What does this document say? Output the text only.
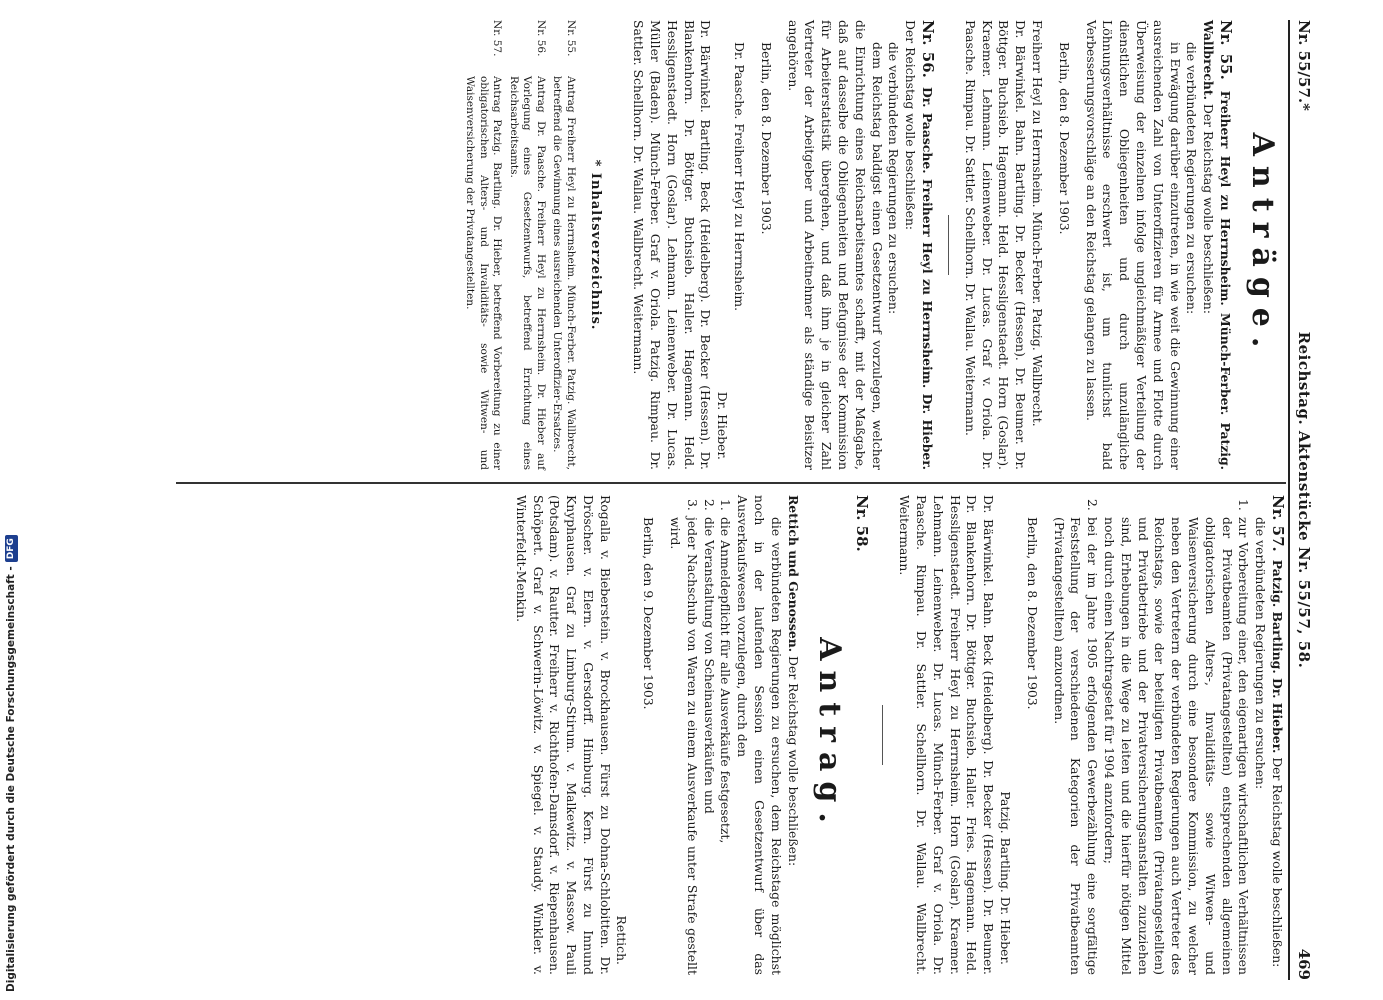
Nr. 55/57.*
Reichstag. Aktenstücke Nr. 55/57, 58.
469
Anträge.

Nr. 55. Freiherr Heyl zu Herrnsheim. Münch-Ferber. Patzig. Wallbrecht. Der Reichstag wolle beschließen:

die verbündeten Regierungen zu ersuchen:

in Erwägung darüber einzutreten, in wie weit die Gewinnung einer ausreichenden Zahl von Unteroffizieren für Armee und Flotte durch Überweisung der einzelnen infolge ungleichmäßiger Verteilung der dienstlichen Obliegenheiten und durch unzulängliche Löhnungsverhältnisse erschwert ist, um tunlichst bald Verbesserungsvorschläge an den Reichstag gelangen zu lassen.

Berlin, den 8. Dezember 1903.

Freiherr Heyl zu Herrnsheim. Münch-Ferber. Patzig. Wallbrecht.

Dr. Bärwinkel. Bahn. Bartling. Dr. Becker (Hessen). Dr. Beumer. Dr. Böttger. Buchsieb. Hagemann. Held. Hessligenstaedt. Horn (Goslar). Kraemer. Lehmann. Leinenweber. Dr. Lucas. Graf v. Oriola. Dr. Paasche. Rimpau. Dr. Sattler. Schellhorn. Dr. Wallau. Weitermann.

Nr. 56. Dr. Paasche. Freiherr Heyl zu Herrnsheim. Dr. Hieber. Der Reichstag wolle beschließen:

die verbündeten Regierungen zu ersuchen:

dem Reichstag baldigst einen Gesetzentwurf vorzulegen, welcher die Einrichtung eines Reichsarbeitsamtes schafft, mit der Maßgabe, daß auf dasselbe die Obliegenheiten und Befugnisse der Kommission für Arbeiterstatistik übergehen, und daß ihm je in gleicher Zahl Vertreter der Arbeitgeber und Arbeitnehmer als ständige Beisitzer angehören.

Berlin, den 8. Dezember 1903.

Dr. Paasche. Freiherr Heyl zu Herrnsheim.

Dr. Hieber.

Dr. Bärwinkel. Bartling. Beck (Heidelberg). Dr. Becker (Hessen). Dr. Blankenhorn. Dr. Böttger. Buchsieb. Haller. Hagemann. Held. Hessligenstaedt. Horn (Goslar). Lehmann. Leinenweber. Dr. Lucas. Müller (Baden). Münch-Ferber. Graf v. Oriola. Patzig. Rimpau. Dr. Sattler. Schellhorn. Dr. Wallau. Wallbrecht. Weitermann.

* Inhaltsverzeichnis.
Nr. 55.
Antrag Freiherr Heyl zu Herrnsheim. Münch-Ferber. Patzig. Wallbrecht, betreffend die Gewinnung eines ausreichenden Unteroffizier-Ersatzes.
Nr. 56.
Antrag Dr. Paasche. Freiherr Heyl zu Herrnsheim. Dr. Hieber auf Vorlegung eines Gesetzentwurfs, betreffend Errichtung eines Reichsarbeitsamts.
Nr. 57.
Antrag Patzig. Bartling. Dr. Hieber, betreffend Vorbereitung zu einer obligatorischen Alters- und Invaliditäts- sowie Witwen- und Waisenversicherung der Privatangestellten.

Nr. 57. Patzig. Bartling. Dr. Hieber. Der Reichstag wolle beschließen:

die verbündeten Regierungen zu ersuchen:

1.
zur Vorbereitung einer, den eigenartigen wirtschaftlichen Verhältnissen der Privatbeamten (Privatangestellten) entsprechenden allgemeinen obligatorischen Alters-, Invaliditäts- sowie Witwen- und Waisenversicherung durch eine besondere Kommission, zu welcher neben den Vertretern der verbündeten Regierungen auch Vertreter des Reichstags, sowie der beteiligten Privatbeamten (Privatangestellten) und Privatbetriebe und der Privatversicherungsanstalten zuzuziehen sind, Erhebungen in die Wege zu leiten und die hierfür nötigen Mittel noch durch einen Nachtragsetat für 1904 anzufordern;
2.
bei der im Jahre 1905 erfolgenden Gewerbezählung eine sorgfältige Feststellung der verschiedenen Kategorien der Privatbeamten (Privatangestellten) anzuordnen.

Berlin, den 8. Dezember 1903.

Patzig. Bartling. Dr. Hieber.

Dr. Bärwinkel. Bahn. Beck (Heidelberg). Dr. Becker (Hessen). Dr. Beumer. Dr. Blankenhorn. Dr. Böttger. Buchsieb. Haller. Fries. Hagemann. Held. Hessligenstaedt. Freiherr Heyl zu Herrnsheim. Horn (Goslar). Kraemer. Lehmann. Leinenweber. Dr. Lucas. Münch-Ferber. Graf v. Oriola. Dr. Paasche. Rimpau. Dr. Sattler. Schellhorn. Dr. Wallau. Wallbrecht. Weitermann.

Nr. 58.

Antrag.

Rettich und Genossen. Der Reichstag wolle beschließen:

die verbündeten Regierungen zu ersuchen, dem Reichstage möglichst noch in der laufenden Session einen Gesetzentwurf über das Ausverkaufswesen vorzulegen, durch den

1.
die Anmeldepflicht für alle Ausverkäufe festgesetzt,
2.
die Veranstaltung von Scheinausverkäufen und
3.
jeder Nachschub von Waren zu einem Ausverkaufe unter Strafe gestellt wird.

Berlin, den 9. Dezember 1903.

Rettich.

Rogalla v. Bieberstein. v. Brockhausen. Fürst zu Dohna-Schlobitten. Dr. Dröscher. v. Elern. v. Gersdorff. Himburg. Kern. Fürst zu Innund Knyphausen. Graf zu Limburg-Stirum. v. Malkewitz. v. Massow. Pauli (Potsdam). v. Rautter. Freiherr v. Richthofen-Damsdorf. v. Riepenhausen. Schöpert. Graf v. Schwerin-Löwitz. v. Spiegel. v. Staudy. Winkler. v. Winterfeldt-Menkin.

Digitalisierung gefördert durch die Deutsche Forschungsgemeinschaft -
DFG
